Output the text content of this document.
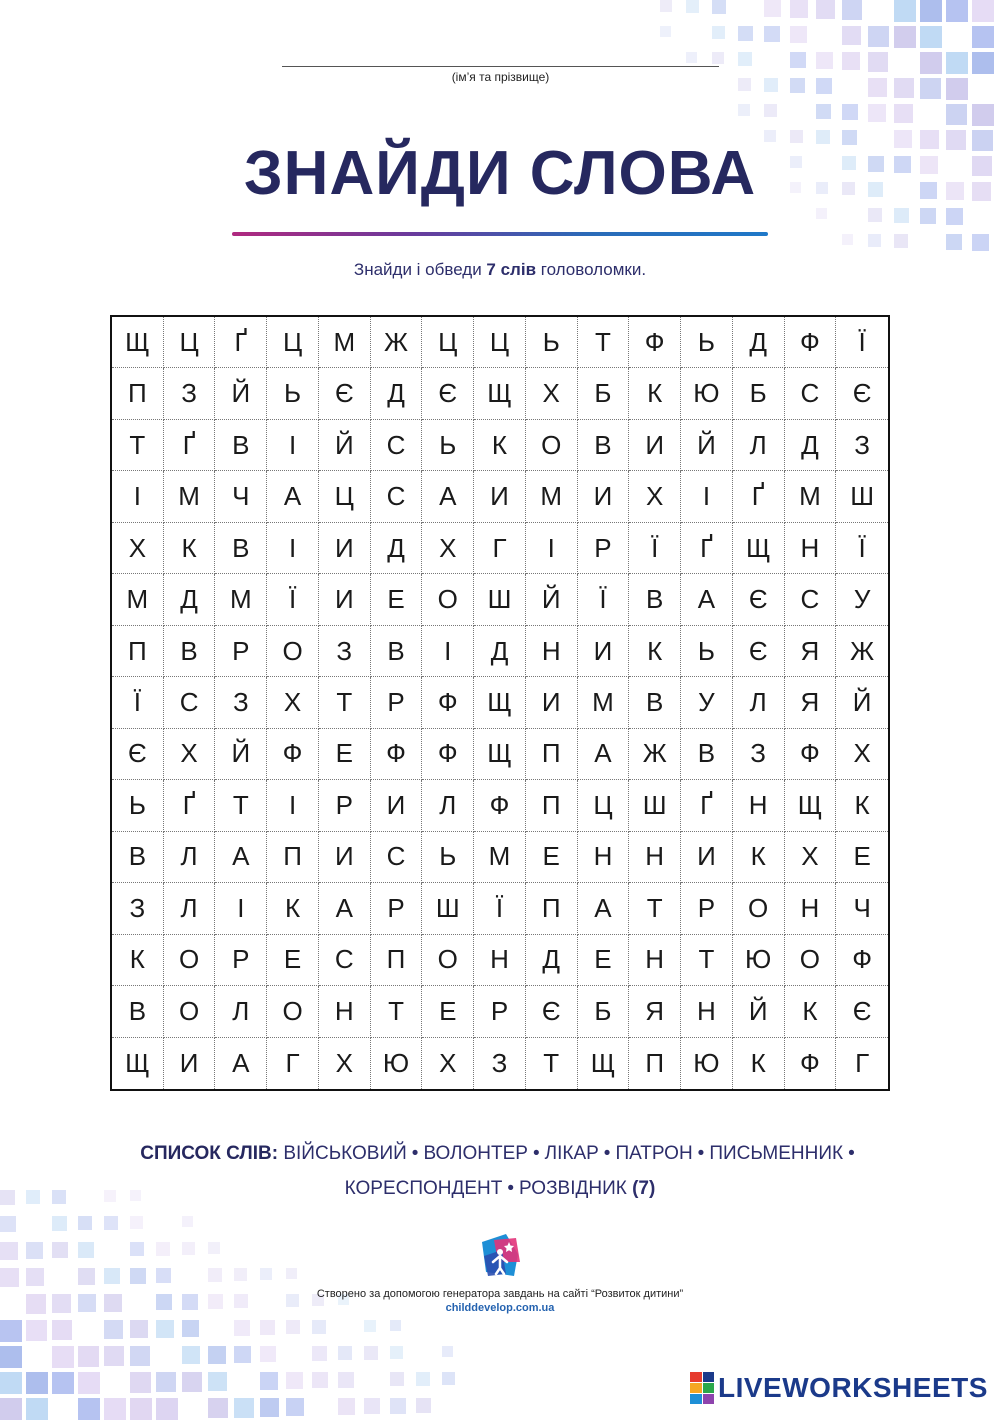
(ім’я та прізвище)
ЗНАЙДИ СЛОВА
Знайди і обведи 7 слів головоломки.
Щ	Ц	Ґ	Ц	М	Ж	Ц	Ц	Ь	Т	Ф	Ь	Д	Ф	Ї
П	З	Й	Ь	Є	Д	Є	Щ	Х	Б	К	Ю	Б	С	Є
Т	Ґ	В	І	Й	С	Ь	К	О	В	И	Й	Л	Д	З
І	М	Ч	А	Ц	С	А	И	М	И	Х	І	Ґ	М	Ш
Х	К	В	І	И	Д	Х	Г	І	Р	Ї	Ґ	Щ	Н	Ї
М	Д	М	Ї	И	Е	О	Ш	Й	Ї	В	А	Є	С	У
П	В	Р	О	З	В	І	Д	Н	И	К	Ь	Є	Я	Ж
Ї	С	З	Х	Т	Р	Ф	Щ	И	М	В	У	Л	Я	Й
Є	Х	Й	Ф	Е	Ф	Ф	Щ	П	А	Ж	В	З	Ф	Х
Ь	Ґ	Т	І	Р	И	Л	Ф	П	Ц	Ш	Ґ	Н	Щ	К
В	Л	А	П	И	С	Ь	М	Е	Н	Н	И	К	Х	Е
З	Л	І	К	А	Р	Ш	Ї	П	А	Т	Р	О	Н	Ч
К	О	Р	Е	С	П	О	Н	Д	Е	Н	Т	Ю	О	Ф
В	О	Л	О	Н	Т	Е	Р	Є	Б	Я	Н	Й	К	Є
Щ	И	А	Г	Х	Ю	Х	З	Т	Щ	П	Ю	К	Ф	Г
СПИСОК СЛІВ: ВІЙСЬКОВИЙ • ВОЛОНТЕР • ЛІКАР • ПАТРОН • ПИСЬМЕННИК •
КОРЕСПОНДЕНТ • РОЗВІДНИК (7)
Створено за допомогою генератора завдань на сайті “Розвиток дитини”
childdevelop.com.ua
LIVEWORKSHEETS
